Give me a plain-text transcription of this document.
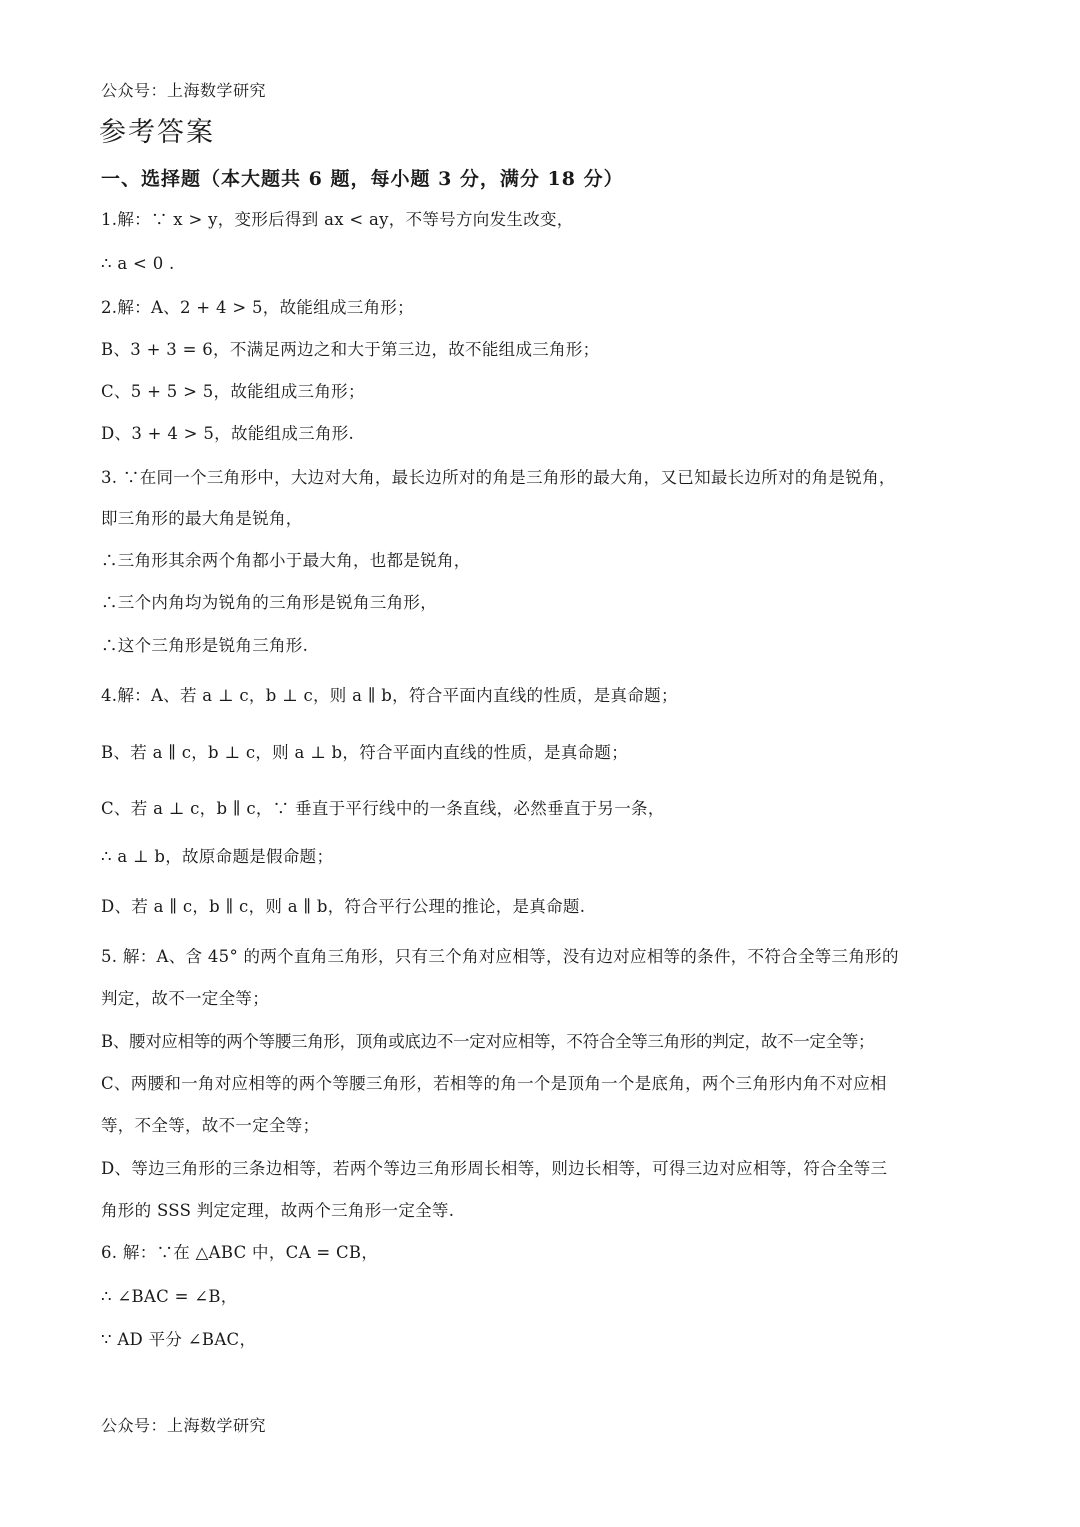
公众号：上海数学研究
参考答案
一、选择题（本大题共 6 题，每小题 3 分，满分 18 分）
1.解：∵ x > y，变形后得到 ax < ay，不等号方向发生改变，
∴ a < 0 .
2.解：A、2 + 4 > 5，故能组成三角形；
B、3 + 3 = 6，不满足两边之和大于第三边，故不能组成三角形；
C、5 + 5 > 5，故能组成三角形；
D、3 + 4 > 5，故能组成三角形.
3. ∵在同一个三角形中，大边对大角，最长边所对的角是三角形的最大角，又已知最长边所对的角是锐角，
即三角形的最大角是锐角，
∴三角形其余两个角都小于最大角，也都是锐角，
∴三个内角均为锐角的三角形是锐角三角形，
∴这个三角形是锐角三角形.
4.解：A、若 a ⊥ c，b ⊥ c，则 a ∥ b，符合平面内直线的性质，是真命题；
B、若 a ∥ c，b ⊥ c，则 a ⊥ b，符合平面内直线的性质，是真命题；
C、若 a ⊥ c，b ∥ c，∵ 垂直于平行线中的一条直线，必然垂直于另一条，
∴ a ⊥ b，故原命题是假命题；
D、若 a ∥ c，b ∥ c，则 a ∥ b，符合平行公理的推论，是真命题.
5. 解：A、含 45° 的两个直角三角形，只有三个角对应相等，没有边对应相等的条件，不符合全等三角形的
判定，故不一定全等；
B、腰对应相等的两个等腰三角形，顶角或底边不一定对应相等，不符合全等三角形的判定，故不一定全等；
C、两腰和一角对应相等的两个等腰三角形，若相等的角一个是顶角一个是底角，两个三角形内角不对应相
等，不全等，故不一定全等；
D、等边三角形的三条边相等，若两个等边三角形周长相等，则边长相等，可得三边对应相等，符合全等三
角形的 SSS 判定定理，故两个三角形一定全等.
6. 解：∵在 △ABC 中，CA = CB，
∴ ∠BAC = ∠B，
∵ AD 平分 ∠BAC，
公众号：上海数学研究
